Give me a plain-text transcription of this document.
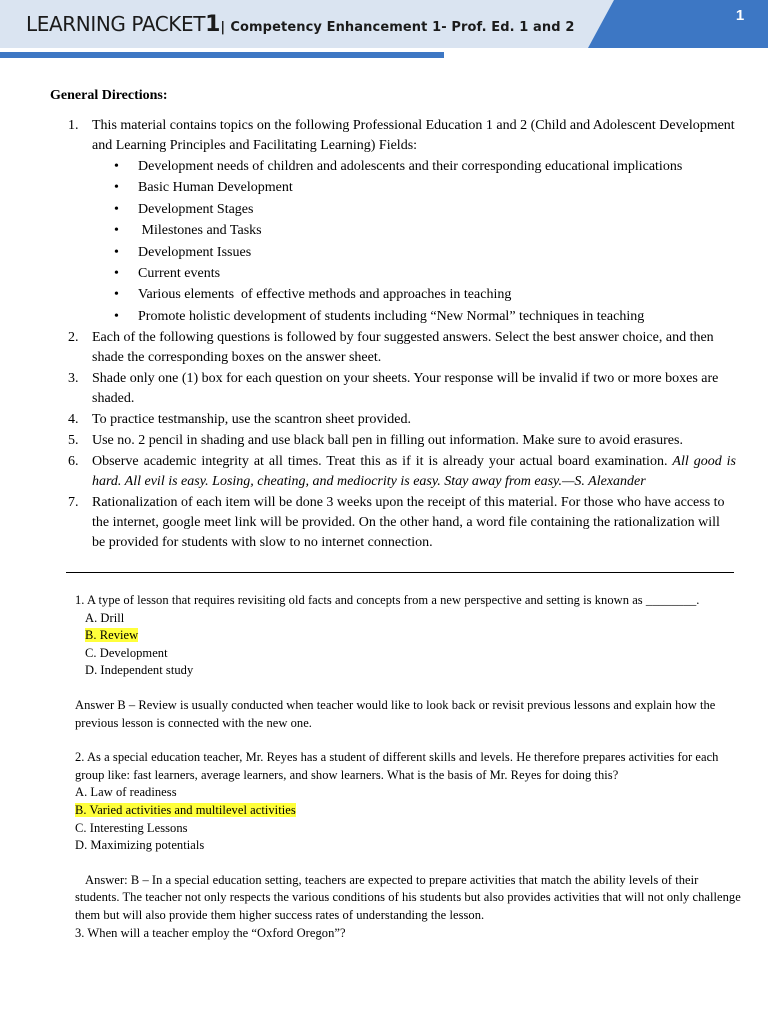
1
LEARNING PACKET1| Competency Enhancement 1- Prof. Ed. 1 and 2
General Directions:
1. This material contains topics on the following Professional Education 1 and 2 (Child and Adolescent Development and Learning Principles and Facilitating Learning) Fields:
• Development needs of children and adolescents and their corresponding educational implications
• Basic Human Development
• Development Stages
•  Milestones and Tasks
• Development Issues
• Current events
• Various elements  of effective methods and approaches in teaching
• Promote holistic development of students including “New Normal” techniques in teaching
2. Each of the following questions is followed by four suggested answers. Select the best answer choice, and then shade the corresponding boxes on the answer sheet.
3. Shade only one (1) box for each question on your sheets. Your response will be invalid if two or more boxes are shaded.
4. To practice testmanship, use the scantron sheet provided.
5. Use no. 2 pencil in shading and use black ball pen in filling out information. Make sure to avoid erasures.
6. Observe academic integrity at all times. Treat this as if it is already your actual board examination. All good is hard. All evil is easy. Losing, cheating, and mediocrity is easy. Stay away from easy.—S. Alexander
7. Rationalization of each item will be done 3 weeks upon the receipt of this material. For those who have access to the internet, google meet link will be provided. On the other hand, a word file containing the rationalization will be provided for students with slow to no internet connection.

1. A type of lesson that requires revisiting old facts and concepts from a new perspective and setting is known as ________.

A. Drill

B. Review

C. Development

D. Independent study

Answer B – Review is usually conducted when teacher would like to look back or revisit previous lessons and explain how the previous lesson is connected with the new one.

2. As a special education teacher, Mr. Reyes has a student of different skills and levels. He therefore prepares activities for each group like: fast learners, average learners, and show learners. What is the basis of Mr. Reyes for doing this?

A. Law of readiness

B. Varied activities and multilevel activities

C. Interesting Lessons

D. Maximizing potentials

Answer: B – In a special education setting, teachers are expected to prepare activities that match the ability levels of their students. The teacher not only respects the various conditions of his students but also provides activities that will not only challenge them but will also provide them higher success rates of understanding the lesson.

3. When will a teacher employ the “Oxford Oregon”?
